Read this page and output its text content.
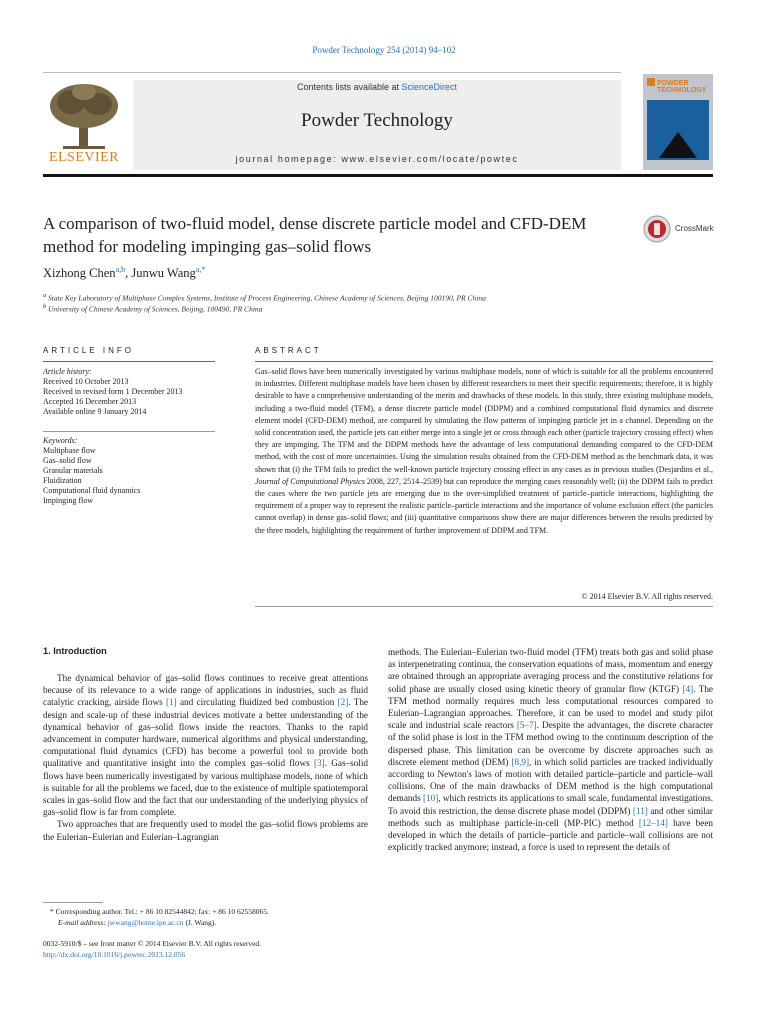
Powder Technology 254 (2014) 94–102
ELSEVIER
Contents lists available at ScienceDirect
Powder Technology
journal homepage: www.elsevier.com/locate/powtec
POWDER TECHNOLOGY
A comparison of two-fluid model, dense discrete particle model and CFD-DEM method for modeling impinging gas–solid flows
CrossMark
Xizhong Chen$^{a,b}$, Junwu Wang$^{a,*}$
$^a$ State Key Laboratory of Multiphase Complex Systems, Institute of Process Engineering, Chinese Academy of Sciences, Beijing 100190, PR China
$^b$ University of Chinese Academy of Sciences, Beijing, 100490, PR China
ARTICLE INFO
Article history:
Received 10 October 2013
Received in revised form 1 December 2013
Accepted 16 December 2013
Available online 9 January 2014
Keywords:
Multiphase flow
Gas–solid flow
Granular materials
Fluidization
Computational fluid dynamics
Impinging flow
ABSTRACT
Gas–solid flows have been numerically investigated by various multiphase models, none of which is suitable for all the problems encountered in industries. Different multiphase models have been chosen by different researchers to meet their specific requirements; therefore, it is highly desirable to have a comprehensive understanding of the merits and drawbacks of these models. In this study, three existing multiphase models, including a two-fluid model (TFM), a dense discrete particle model (DDPM) and a combined computational fluid dynamics and discrete element model (CFD-DEM) method, are compared by simulating the flow patterns of impinging particle jet in a channel. Depending on the solid concentration used, the particle jets can either merge into a single jet or cross through each other (particle trajectory crossing effect) when they are impinging. The TFM and the DDPM methods have the advantage of less computational demanding compared to the CFD-DEM method, with the cost of more uncertainties. Using the simulation results obtained from the CFD-DEM method as the benchmark data, it was shown that (i) the TFM fails to predict the well-known particle trajectory crossing effect in any cases as in previous studies (Desjardins et al., Journal of Computational Physics 2008, 227, 2514–2539) but can reproduce the merging cases reasonably well; (ii) the DDPM fails to predict the cases where the two particle jets are emerging due to the over-simplified treatment of particle–particle interactions, highlighting the requirement of a proper way to represent the realistic particle–particle interactions and the importance of volume exclusion effect (the particles cannot overlap) in dense gas–solid flows; and (iii) quantitative comparisons show there are major differences between the results predicted by the three models, highlighting the requirement of further improvement of DDPM and TFM.
© 2014 Elsevier B.V. All rights reserved.
1. Introduction

The dynamical behavior of gas–solid flows continues to receive great attentions because of its relevance to a wide range of applications in industries, such as fluid catalytic cracking, airside flows [1] and circulating fluidized bed combustion [2]. The design and scale-up of these industrial devices motivate a better understanding of the dynamical behavior of gas–solid flows inside the reactors. Thanks to the rapid advancement in computer hardware, numerical algorithms and physical understanding, computational fluid dynamics (CFD) has become a powerful tool to provide both qualitative and quantitative insight into the complex gas–solid flows [3]. Gas–solid flows have been numerically investigated by various multiphase models, none of which is suitable for all the problems we faced, due to the existence of multiple spatiotemporal scales in gas–solid flow and the fact that our understanding of the underlying physics of gas–solid flow is far from complete.

Two approaches that are frequently used to model the gas–solid flows problems are the Eulerian–Eulerian and Eulerian–Lagrangian

methods. The Eulerian–Eulerian two-fluid model (TFM) treats both gas and solid phase as interpenetrating continua, the conservation equations of mass, momentum and energy are obtained through an appropriate averaging process and the constitutive relations for solid phase are usually closed using kinetic theory of granular flow (KTGF) [4]. The TFM method normally requires much less computational resources compared to Eulerian–Lagrangian approaches. Therefore, it can be used to model and study pilot scale and industrial scale reactors [5–7]. Despite the advantages, the discrete character of the solid phase is lost in the TFM method owing to the continuum description of the dispersed phase. This limitation can be overcome by discrete approaches such as discrete element method (DEM) [8,9], in which solid particles are tracked individually according to Newton's laws of motion with detailed particle–particle and particle–wall collisions. One of the main drawbacks of DEM method is the high computational demands [10], which restricts its applications to small scale, fundamental investigations. To avoid this restriction, the dense discrete phase model (DDPM) [11] and other similar methods such as multiphase particle-in-cell (MP-PIC) method [12–14] have been developed in which the details of particle–particle and particle–wall collisions are not explicitly tracked anymore; instead, a force is used to represent the details of

* Corresponding author. Tel.: + 86 10 82544842; fax: + 86 10 62558065.
E-mail address: jwwang@home.ipe.ac.cn (J. Wang).
0032-5910/$ – see front matter © 2014 Elsevier B.V. All rights reserved.
http://dx.doi.org/10.1016/j.powtec.2013.12.056
